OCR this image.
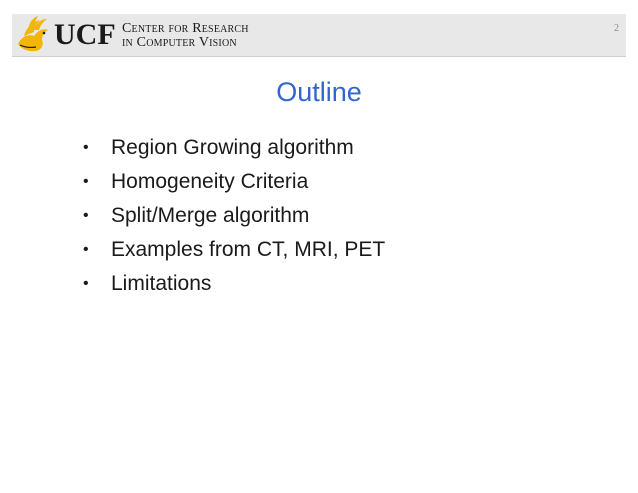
UCF Center for Research
in Computer Vision
2
Outline
• Region Growing algorithm
• Homogeneity Criteria
• Split/Merge algorithm
• Examples from CT, MRI, PET
• Limitations
